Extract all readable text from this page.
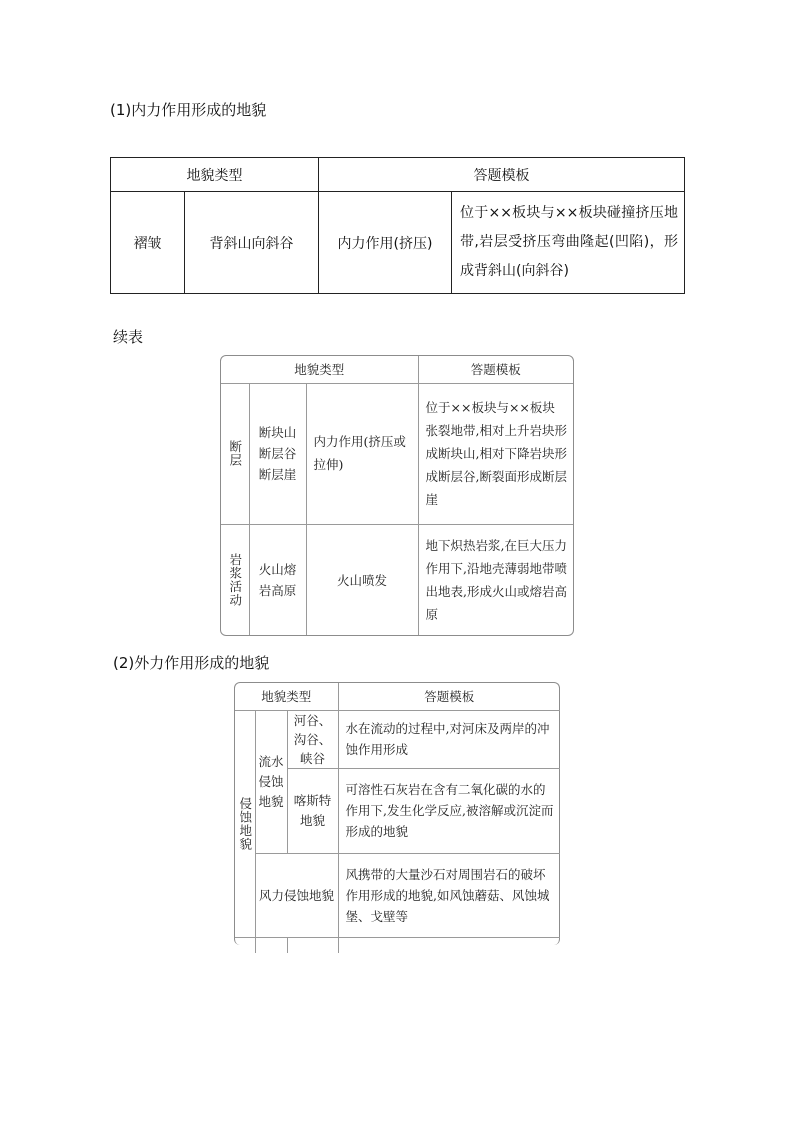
(1)内力作用形成的地貌
地貌类型		答题模板	
褶皱	背斜山向斜谷	内力作用(挤压)	位于××板块与××板块碰撞挤压地带,岩层受挤压弯曲隆起(凹陷)，形成背斜山(向斜谷)
续表
地貌类型			答题模板

断层	断块山 断层谷 断层崖	内力作用(挤压或拉伸)	位于××板块与××板块张裂地带,相对上升岩块形成断块山,相对下降岩块形成断层谷,断裂面形成断层崖

岩浆活动	火山熔岩高原	火山喷发	地下炽热岩浆,在巨大压力作用下,沿地壳薄弱地带喷出地表,形成火山或熔岩高原
(2)外力作用形成的地貌
地貌类型			答题模板

侵蚀地貌	流水侵蚀地貌	河谷、沟谷、峡谷	水在流动的过程中,对河床及两岸的冲蚀作用形成
		喀斯特地貌	可溶性石灰岩在含有二氧化碳的水的作用下,发生化学反应,被溶解或沉淀而形成的地貌
	风力侵蚀地貌		风携带的大量沙石对周围岩石的破坏作用形成的地貌,如风蚀蘑菇、风蚀城堡、戈壁等
